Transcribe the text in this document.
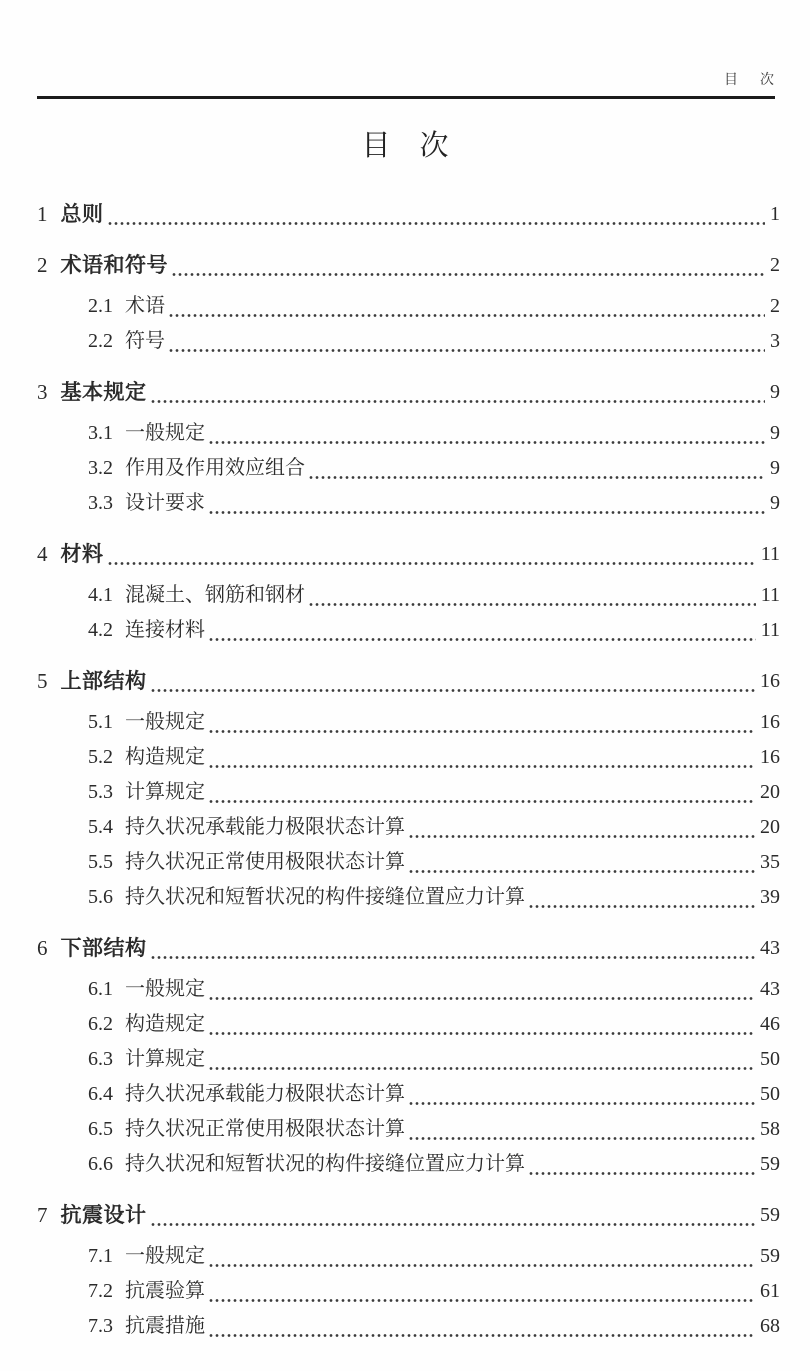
目　次
目　次
1 总则	1
2 术语和符号	2
2.1 术语	2
2.2 符号	3
3 基本规定	9
3.1 一般规定	9
3.2 作用及作用效应组合	9
3.3 设计要求	9
4 材料	11
4.1 混凝土、钢筋和钢材	11
4.2 连接材料	11
5 上部结构	16
5.1 一般规定	16
5.2 构造规定	16
5.3 计算规定	20
5.4 持久状况承载能力极限状态计算	20
5.5 持久状况正常使用极限状态计算	35
5.6 持久状况和短暂状况的构件接缝位置应力计算	39
6 下部结构	43
6.1 一般规定	43
6.2 构造规定	46
6.3 计算规定	50
6.4 持久状况承载能力极限状态计算	50
6.5 持久状况正常使用极限状态计算	58
6.6 持久状况和短暂状况的构件接缝位置应力计算	59
7 抗震设计	59
7.1 一般规定	59
7.2 抗震验算	61
7.3 抗震措施	68
